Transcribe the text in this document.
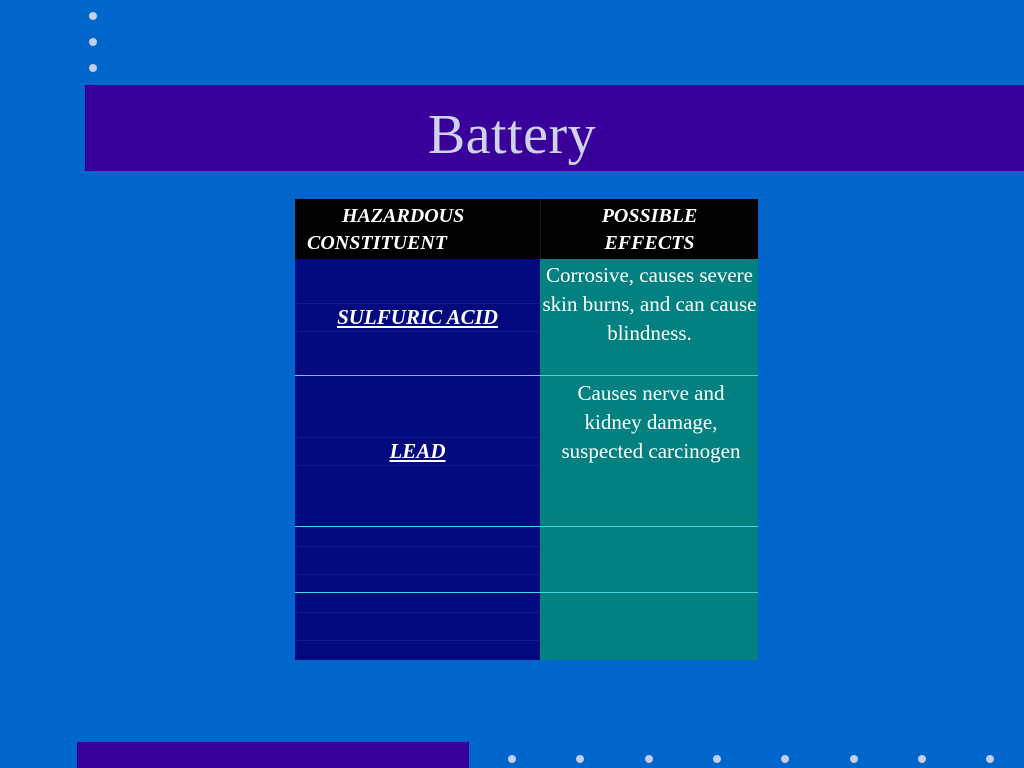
Battery
HAZARDOUS
CONSTITUENT
POSSIBLE
EFFECTS
SULFURIC ACID
Corrosive, causes severe skin burns, and can cause blindness.
LEAD
Causes nerve and kidney damage, suspected carcinogen
